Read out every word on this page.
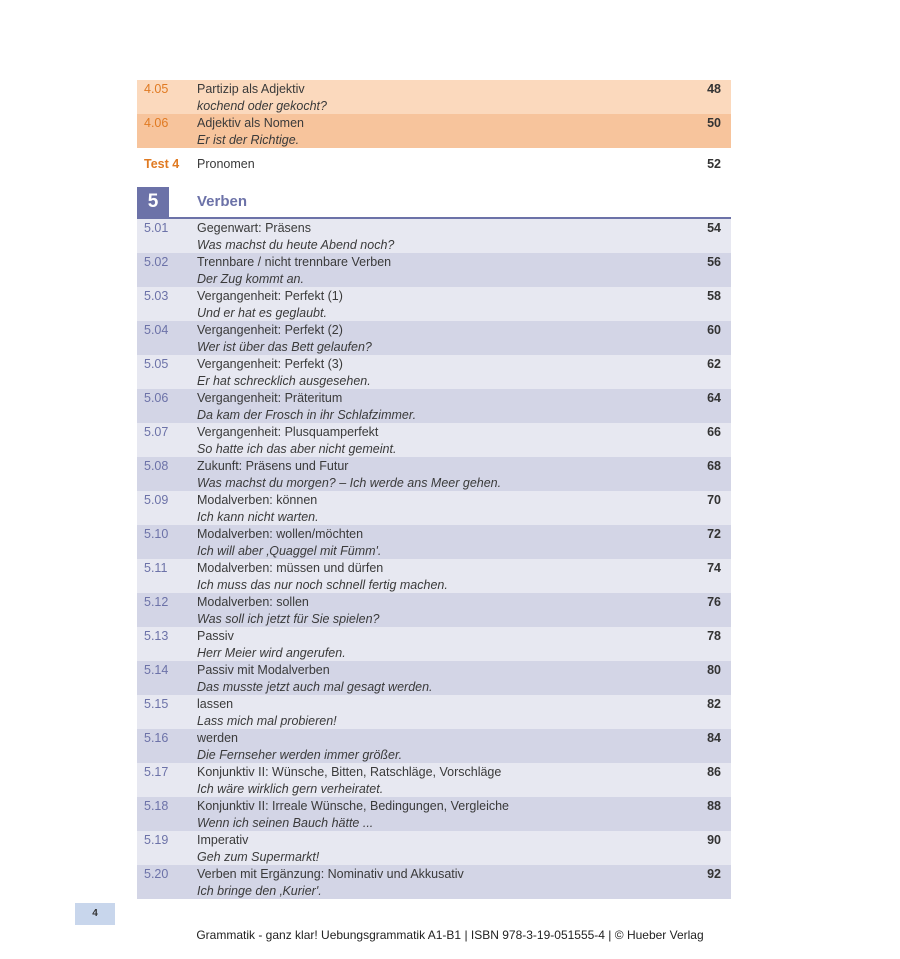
4.05 Partizip als Adjektiv
kochend oder gekocht?
48
4.06 Adjektiv als Nomen
Er ist der Richtige.
50
Test 4 Pronomen	52
5	Verben
5.01 Gegenwart: Präsens
Was machst du heute Abend noch?
54
5.02 Trennbare / nicht trennbare Verben
Der Zug kommt an.
56
5.03 Vergangenheit: Perfekt (1)
Und er hat es geglaubt.
58
5.04 Vergangenheit: Perfekt (2)
Wer ist über das Bett gelaufen?
60
5.05 Vergangenheit: Perfekt (3)
Er hat schrecklich ausgesehen.
62
5.06 Vergangenheit: Präteritum
Da kam der Frosch in ihr Schlafzimmer.
64
5.07 Vergangenheit: Plusquamperfekt
So hatte ich das aber nicht gemeint.
66
5.08 Zukunft: Präsens und Futur
Was machst du morgen? – Ich werde ans Meer gehen.
68
5.09 Modalverben: können
Ich kann nicht warten.
70
5.10 Modalverben: wollen/möchten
Ich will aber ‚Quaggel mit Fümm'.
72
5.11 Modalverben: müssen und dürfen
Ich muss das nur noch schnell fertig machen.
74
5.12 Modalverben: sollen
Was soll ich jetzt für Sie spielen?
76
5.13 Passiv
Herr Meier wird angerufen.
78
5.14 Passiv mit Modalverben
Das musste jetzt auch mal gesagt werden.
80
5.15 lassen
Lass mich mal probieren!
82
5.16 werden
Die Fernseher werden immer größer.
84
5.17 Konjunktiv II: Wünsche, Bitten, Ratschläge, Vorschläge
Ich wäre wirklich gern verheiratet.
86
5.18 Konjunktiv II: Irreale Wünsche, Bedingungen, Vergleiche
Wenn ich seinen Bauch hätte ...
88
5.19 Imperativ
Geh zum Supermarkt!
90
5.20 Verben mit Ergänzung: Nominativ und Akkusativ
Ich bringe den ‚Kurier'.
92
4
Grammatik - ganz klar! Uebungsgrammatik A1-B1 | ISBN 978-3-19-051555-4 | © Hueber Verlag
